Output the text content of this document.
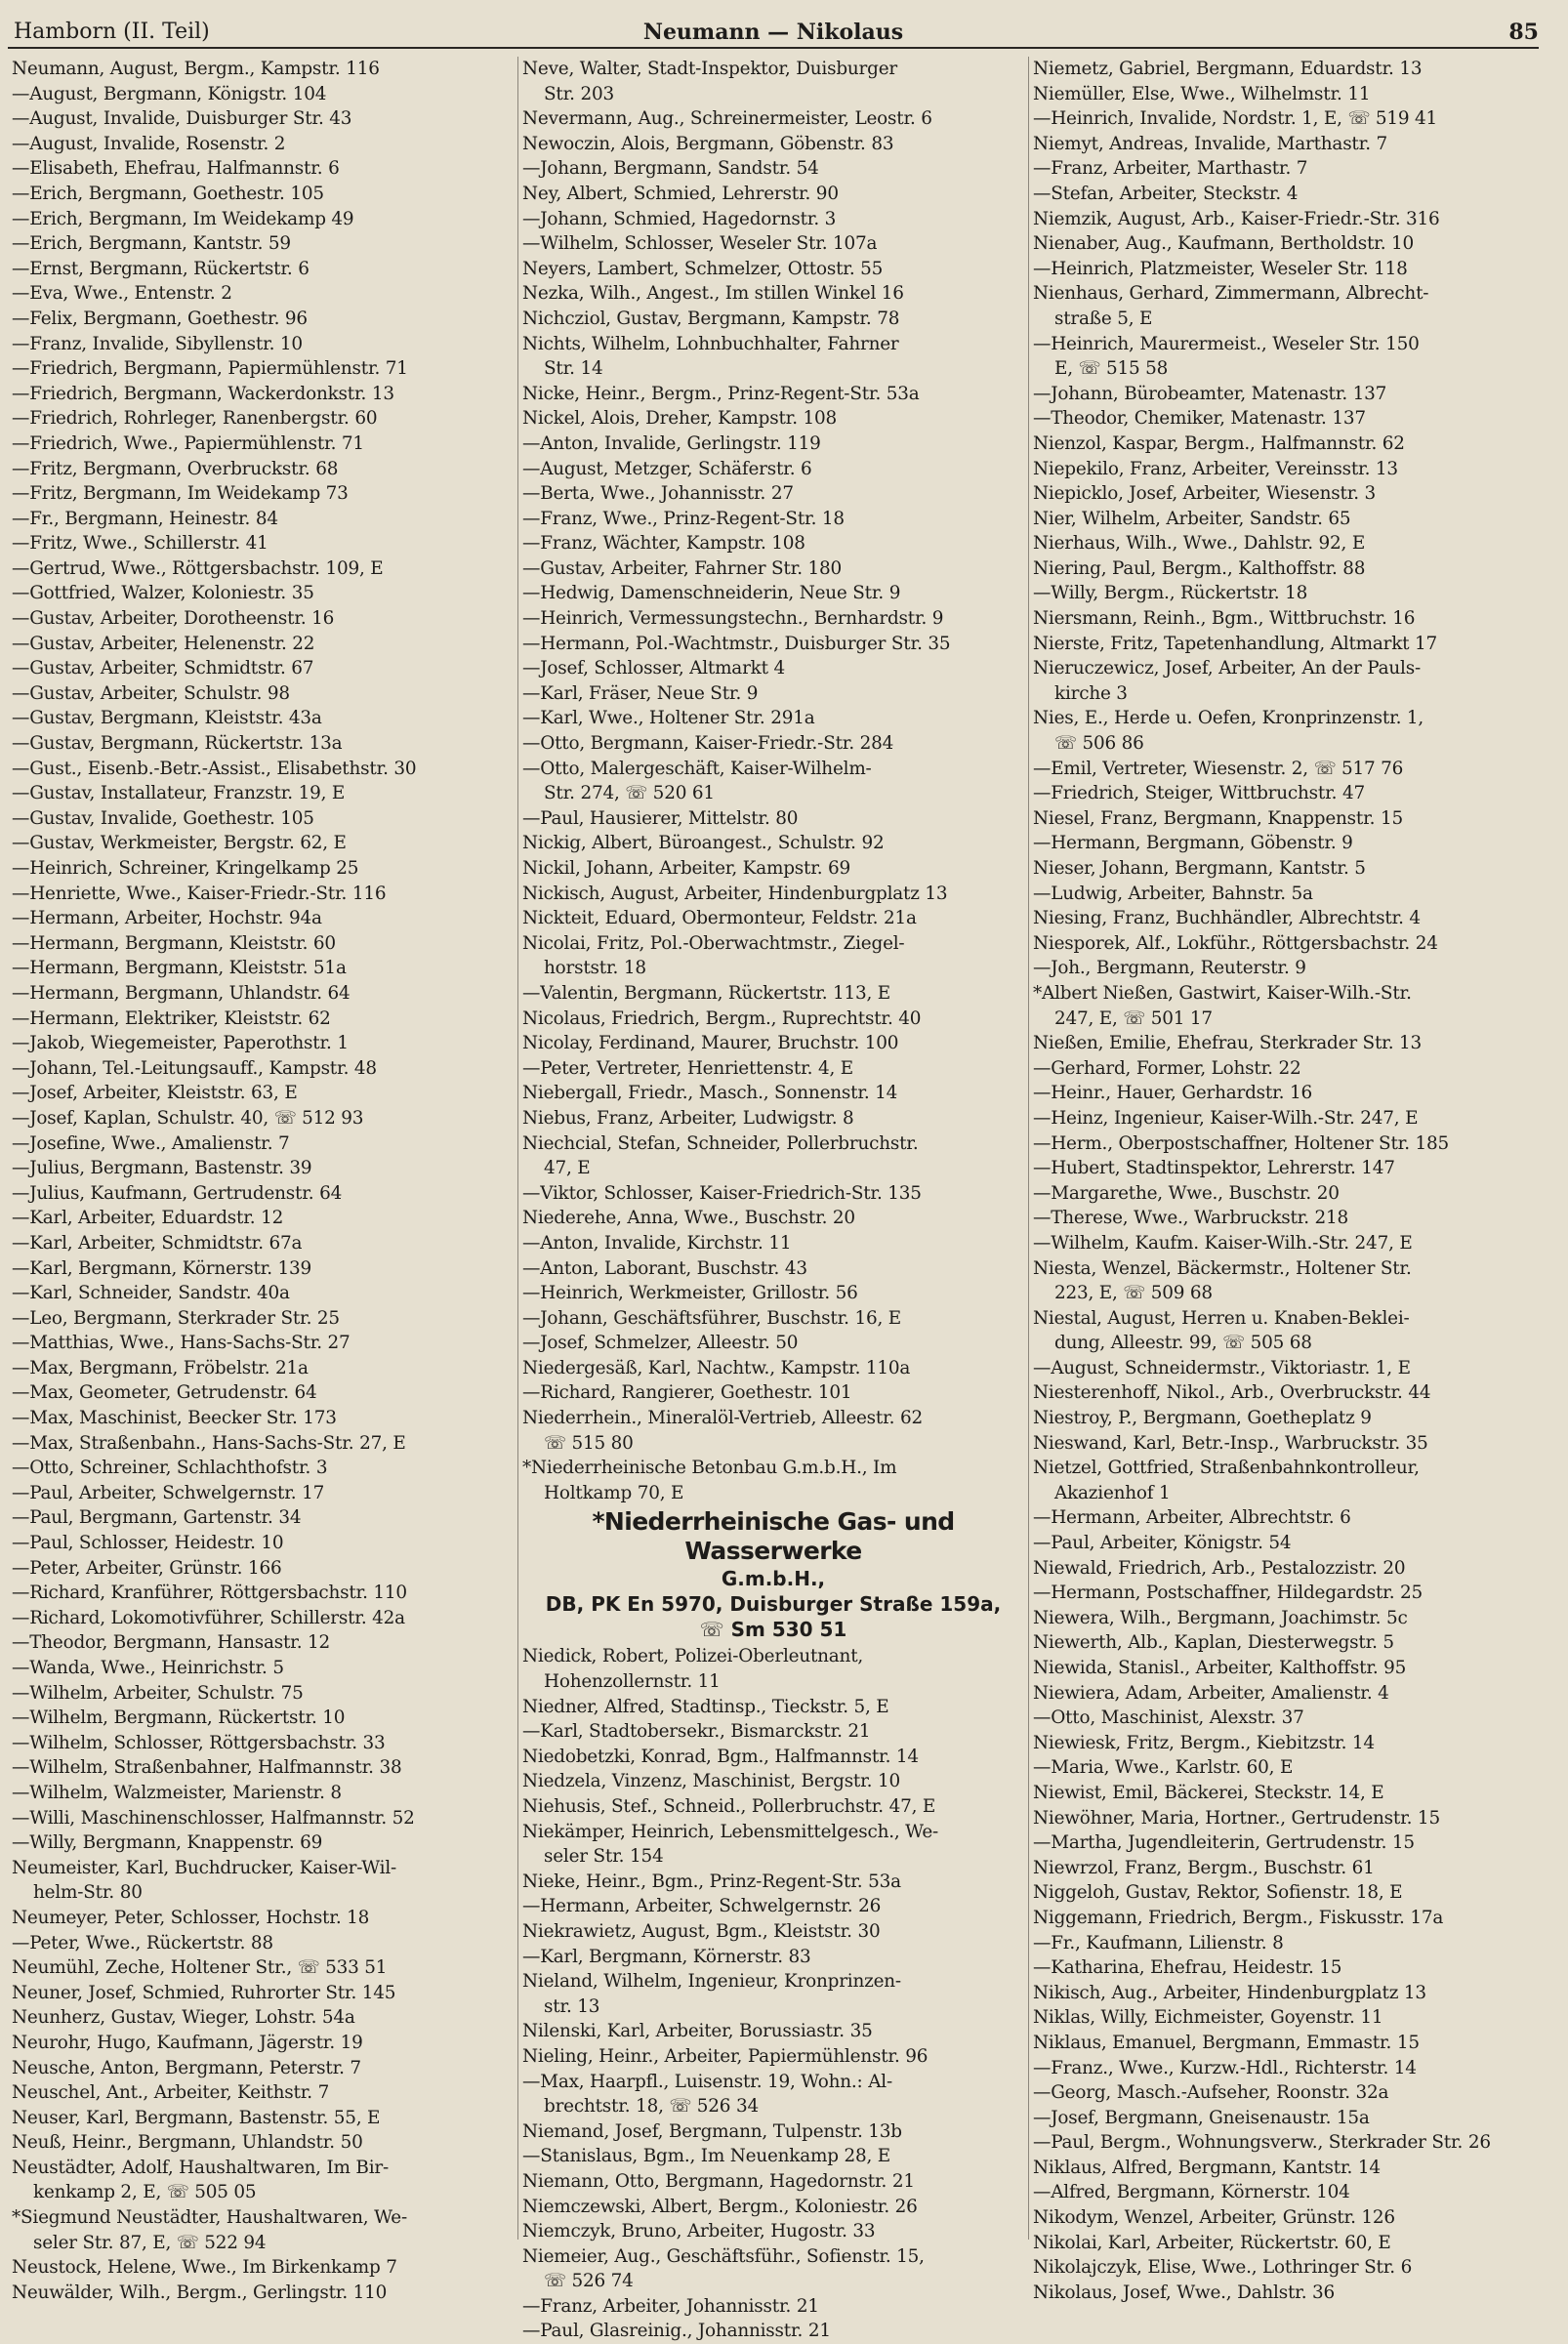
Hamborn (II. Teil)	Neumann — Nikolaus	85

Neumann, August, Bergm., Kampstr. 116

—August, Bergmann, Königstr. 104

—August, Invalide, Duisburger Str. 43

—August, Invalide, Rosenstr. 2

—Elisabeth, Ehefrau, Halfmannstr. 6

—Erich, Bergmann, Goethestr. 105

—Erich, Bergmann, Im Weidekamp 49

—Erich, Bergmann, Kantstr. 59

—Ernst, Bergmann, Rückertstr. 6

—Eva, Wwe., Entenstr. 2

—Felix, Bergmann, Goethestr. 96

—Franz, Invalide, Sibyllenstr. 10

—Friedrich, Bergmann, Papiermühlenstr. 71

—Friedrich, Bergmann, Wackerdonkstr. 13

—Friedrich, Rohrleger, Ranenbergstr. 60

—Friedrich, Wwe., Papiermühlenstr. 71

—Fritz, Bergmann, Overbruckstr. 68

—Fritz, Bergmann, Im Weidekamp 73

—Fr., Bergmann, Heinestr. 84

—Fritz, Wwe., Schillerstr. 41

—Gertrud, Wwe., Röttgersbachstr. 109, E

—Gottfried, Walzer, Koloniestr. 35

—Gustav, Arbeiter, Dorotheenstr. 16

—Gustav, Arbeiter, Helenenstr. 22

—Gustav, Arbeiter, Schmidtstr. 67

—Gustav, Arbeiter, Schulstr. 98

—Gustav, Bergmann, Kleiststr. 43a

—Gustav, Bergmann, Rückertstr. 13a

—Gust., Eisenb.-Betr.-Assist., Elisabethstr. 30

—Gustav, Installateur, Franzstr. 19, E

—Gustav, Invalide, Goethestr. 105

—Gustav, Werkmeister, Bergstr. 62, E

—Heinrich, Schreiner, Kringelkamp 25

—Henriette, Wwe., Kaiser-Friedr.-Str. 116

—Hermann, Arbeiter, Hochstr. 94a

—Hermann, Bergmann, Kleiststr. 60

—Hermann, Bergmann, Kleiststr. 51a

—Hermann, Bergmann, Uhlandstr. 64

—Hermann, Elektriker, Kleiststr. 62

—Jakob, Wiegemeister, Paperothstr. 1

—Johann, Tel.-Leitungsauff., Kampstr. 48

—Josef, Arbeiter, Kleiststr. 63, E

—Josef, Kaplan, Schulstr. 40, ☏ 512 93

—Josefine, Wwe., Amalienstr. 7

—Julius, Bergmann, Bastenstr. 39

—Julius, Kaufmann, Gertrudenstr. 64

—Karl, Arbeiter, Eduardstr. 12

—Karl, Arbeiter, Schmidtstr. 67a

—Karl, Bergmann, Körnerstr. 139

—Karl, Schneider, Sandstr. 40a

—Leo, Bergmann, Sterkrader Str. 25

—Matthias, Wwe., Hans-Sachs-Str. 27

—Max, Bergmann, Fröbelstr. 21a

—Max, Geometer, Getrudenstr. 64

—Max, Maschinist, Beecker Str. 173

—Max, Straßenbahn., Hans-Sachs-Str. 27, E

—Otto, Schreiner, Schlachthofstr. 3

—Paul, Arbeiter, Schwelgernstr. 17

—Paul, Bergmann, Gartenstr. 34

—Paul, Schlosser, Heidestr. 10

—Peter, Arbeiter, Grünstr. 166

—Richard, Kranführer, Röttgersbachstr. 110

—Richard, Lokomotivführer, Schillerstr. 42a

—Theodor, Bergmann, Hansastr. 12

—Wanda, Wwe., Heinrichstr. 5

—Wilhelm, Arbeiter, Schulstr. 75

—Wilhelm, Bergmann, Rückertstr. 10

—Wilhelm, Schlosser, Röttgersbachstr. 33

—Wilhelm, Straßenbahner, Halfmannstr. 38

—Wilhelm, Walzmeister, Marienstr. 8

—Willi, Maschinenschlosser, Halfmannstr. 52

—Willy, Bergmann, Knappenstr. 69

Neumeister, Karl, Buchdrucker, Kaiser-Wil-

helm-Str. 80

Neumeyer, Peter, Schlosser, Hochstr. 18

—Peter, Wwe., Rückertstr. 88

Neumühl, Zeche, Holtener Str., ☏ 533 51

Neuner, Josef, Schmied, Ruhrorter Str. 145

Neunherz, Gustav, Wieger, Lohstr. 54a

Neurohr, Hugo, Kaufmann, Jägerstr. 19

Neusche, Anton, Bergmann, Peterstr. 7

Neuschel, Ant., Arbeiter, Keithstr. 7

Neuser, Karl, Bergmann, Bastenstr. 55, E

Neuß, Heinr., Bergmann, Uhlandstr. 50

Neustädter, Adolf, Haushaltwaren, Im Bir-

kenkamp 2, E, ☏ 505 05

*Siegmund Neustädter, Haushaltwaren, We-

seler Str. 87, E, ☏ 522 94

Neustock, Helene, Wwe., Im Birkenkamp 7

Neuwälder, Wilh., Bergm., Gerlingstr. 110

Neve, Walter, Stadt-Inspektor, Duisburger

Str. 203

Nevermann, Aug., Schreinermeister, Leostr. 6

Newoczin, Alois, Bergmann, Göbenstr. 83

—Johann, Bergmann, Sandstr. 54

Ney, Albert, Schmied, Lehrerstr. 90

—Johann, Schmied, Hagedornstr. 3

—Wilhelm, Schlosser, Weseler Str. 107a

Neyers, Lambert, Schmelzer, Ottostr. 55

Nezka, Wilh., Angest., Im stillen Winkel 16

Nichcziol, Gustav, Bergmann, Kampstr. 78

Nichts, Wilhelm, Lohnbuchhalter, Fahrner

Str. 14

Nicke, Heinr., Bergm., Prinz-Regent-Str. 53a

Nickel, Alois, Dreher, Kampstr. 108

—Anton, Invalide, Gerlingstr. 119

—August, Metzger, Schäferstr. 6

—Berta, Wwe., Johannisstr. 27

—Franz, Wwe., Prinz-Regent-Str. 18

—Franz, Wächter, Kampstr. 108

—Gustav, Arbeiter, Fahrner Str. 180

—Hedwig, Damenschneiderin, Neue Str. 9

—Heinrich, Vermessungstechn., Bernhardstr. 9

—Hermann, Pol.-Wachtmstr., Duisburger Str. 35

—Josef, Schlosser, Altmarkt 4

—Karl, Fräser, Neue Str. 9

—Karl, Wwe., Holtener Str. 291a

—Otto, Bergmann, Kaiser-Friedr.-Str. 284

—Otto, Malergeschäft, Kaiser-Wilhelm-

Str. 274, ☏ 520 61

—Paul, Hausierer, Mittelstr. 80

Nickig, Albert, Büroangest., Schulstr. 92

Nickil, Johann, Arbeiter, Kampstr. 69

Nickisch, August, Arbeiter, Hindenburgplatz 13

Nickteit, Eduard, Obermonteur, Feldstr. 21a

Nicolai, Fritz, Pol.-Oberwachtmstr., Ziegel-

horststr. 18

—Valentin, Bergmann, Rückertstr. 113, E

Nicolaus, Friedrich, Bergm., Ruprechtstr. 40

Nicolay, Ferdinand, Maurer, Bruchstr. 100

—Peter, Vertreter, Henriettenstr. 4, E

Niebergall, Friedr., Masch., Sonnenstr. 14

Niebus, Franz, Arbeiter, Ludwigstr. 8

Niechcial, Stefan, Schneider, Pollerbruchstr.

47, E

—Viktor, Schlosser, Kaiser-Friedrich-Str. 135

Niederehe, Anna, Wwe., Buschstr. 20

—Anton, Invalide, Kirchstr. 11

—Anton, Laborant, Buschstr. 43

—Heinrich, Werkmeister, Grillostr. 56

—Johann, Geschäftsführer, Buschstr. 16, E

—Josef, Schmelzer, Alleestr. 50

Niedergesäß, Karl, Nachtw., Kampstr. 110a

—Richard, Rangierer, Goethestr. 101

Niederrhein., Mineralöl-Vertrieb, Alleestr. 62

☏ 515 80

*Niederrheinische Betonbau G.m.b.H., Im

Holtkamp 70, E

*Niederrheinische Gas- und Wasserwerke
G.m.b.H.,
DB, PK En 5970, Duisburger Straße 159a,
☏ Sm 530 51

Niedick, Robert, Polizei-Oberleutnant,

Hohenzollernstr. 11

Niedner, Alfred, Stadtinsp., Tieckstr. 5, E

—Karl, Stadtobersekr., Bismarckstr. 21

Niedobetzki, Konrad, Bgm., Halfmannstr. 14

Niedzela, Vinzenz, Maschinist, Bergstr. 10

Niehusis, Stef., Schneid., Pollerbruchstr. 47, E

Niekämper, Heinrich, Lebensmittelgesch., We-

seler Str. 154

Nieke, Heinr., Bgm., Prinz-Regent-Str. 53a

—Hermann, Arbeiter, Schwelgernstr. 26

Niekrawietz, August, Bgm., Kleiststr. 30

—Karl, Bergmann, Körnerstr. 83

Nieland, Wilhelm, Ingenieur, Kronprinzen-

str. 13

Nilenski, Karl, Arbeiter, Borussiastr. 35

Nieling, Heinr., Arbeiter, Papiermühlenstr. 96

—Max, Haarpfl., Luisenstr. 19, Wohn.: Al-

brechtstr. 18, ☏ 526 34

Niemand, Josef, Bergmann, Tulpenstr. 13b

—Stanislaus, Bgm., Im Neuenkamp 28, E

Niemann, Otto, Bergmann, Hagedornstr. 21

Niemczewski, Albert, Bergm., Koloniestr. 26

Niemczyk, Bruno, Arbeiter, Hugostr. 33

Niemeier, Aug., Geschäftsführ., Sofienstr. 15,

☏ 526 74

—Franz, Arbeiter, Johannisstr. 21

—Paul, Glasreinig., Johannisstr. 21

Niemetz, Gabriel, Bergmann, Eduardstr. 13

Niemüller, Else, Wwe., Wilhelmstr. 11

—Heinrich, Invalide, Nordstr. 1, E, ☏ 519 41

Niemyt, Andreas, Invalide, Marthastr. 7

—Franz, Arbeiter, Marthastr. 7

—Stefan, Arbeiter, Steckstr. 4

Niemzik, August, Arb., Kaiser-Friedr.-Str. 316

Nienaber, Aug., Kaufmann, Bertholdstr. 10

—Heinrich, Platzmeister, Weseler Str. 118

Nienhaus, Gerhard, Zimmermann, Albrecht-

straße 5, E

—Heinrich, Maurermeist., Weseler Str. 150

E, ☏ 515 58

—Johann, Bürobeamter, Matenastr. 137

—Theodor, Chemiker, Matenastr. 137

Nienzol, Kaspar, Bergm., Halfmannstr. 62

Niepekilo, Franz, Arbeiter, Vereinsstr. 13

Niepicklo, Josef, Arbeiter, Wiesenstr. 3

Nier, Wilhelm, Arbeiter, Sandstr. 65

Nierhaus, Wilh., Wwe., Dahlstr. 92, E

Niering, Paul, Bergm., Kalthoffstr. 88

—Willy, Bergm., Rückertstr. 18

Niersmann, Reinh., Bgm., Wittbruchstr. 16

Nierste, Fritz, Tapetenhandlung, Altmarkt 17

Nieruczewicz, Josef, Arbeiter, An der Pauls-

kirche 3

Nies, E., Herde u. Oefen, Kronprinzenstr. 1,

☏ 506 86

—Emil, Vertreter, Wiesenstr. 2, ☏ 517 76

—Friedrich, Steiger, Wittbruchstr. 47

Niesel, Franz, Bergmann, Knappenstr. 15

—Hermann, Bergmann, Göbenstr. 9

Nieser, Johann, Bergmann, Kantstr. 5

—Ludwig, Arbeiter, Bahnstr. 5a

Niesing, Franz, Buchhändler, Albrechtstr. 4

Niesporek, Alf., Lokführ., Röttgersbachstr. 24

—Joh., Bergmann, Reuterstr. 9

*Albert Nießen, Gastwirt, Kaiser-Wilh.-Str.

247, E, ☏ 501 17

Nießen, Emilie, Ehefrau, Sterkrader Str. 13

—Gerhard, Former, Lohstr. 22

—Heinr., Hauer, Gerhardstr. 16

—Heinz, Ingenieur, Kaiser-Wilh.-Str. 247, E

—Herm., Oberpostschaffner, Holtener Str. 185

—Hubert, Stadtinspektor, Lehrerstr. 147

—Margarethe, Wwe., Buschstr. 20

—Therese, Wwe., Warbruckstr. 218

—Wilhelm, Kaufm. Kaiser-Wilh.-Str. 247, E

Niesta, Wenzel, Bäckermstr., Holtener Str.

223, E, ☏ 509 68

Niestal, August, Herren u. Knaben-Beklei-

dung, Alleestr. 99, ☏ 505 68

—August, Schneidermstr., Viktoriastr. 1, E

Niesterenhoff, Nikol., Arb., Overbruckstr. 44

Niestroy, P., Bergmann, Goetheplatz 9

Nieswand, Karl, Betr.-Insp., Warbruckstr. 35

Nietzel, Gottfried, Straßenbahnkontrolleur,

Akazienhof 1

—Hermann, Arbeiter, Albrechtstr. 6

—Paul, Arbeiter, Königstr. 54

Niewald, Friedrich, Arb., Pestalozzistr. 20

—Hermann, Postschaffner, Hildegardstr. 25

Niewera, Wilh., Bergmann, Joachimstr. 5c

Niewerth, Alb., Kaplan, Diesterwegstr. 5

Niewida, Stanisl., Arbeiter, Kalthoffstr. 95

Niewiera, Adam, Arbeiter, Amalienstr. 4

—Otto, Maschinist, Alexstr. 37

Niewiesk, Fritz, Bergm., Kiebitzstr. 14

—Maria, Wwe., Karlstr. 60, E

Niewist, Emil, Bäckerei, Steckstr. 14, E

Niewöhner, Maria, Hortner., Gertrudenstr. 15

—Martha, Jugendleiterin, Gertrudenstr. 15

Niewrzol, Franz, Bergm., Buschstr. 61

Niggeloh, Gustav, Rektor, Sofienstr. 18, E

Niggemann, Friedrich, Bergm., Fiskusstr. 17a

—Fr., Kaufmann, Lilienstr. 8

—Katharina, Ehefrau, Heidestr. 15

Nikisch, Aug., Arbeiter, Hindenburgplatz 13

Niklas, Willy, Eichmeister, Goyenstr. 11

Niklaus, Emanuel, Bergmann, Emmastr. 15

—Franz., Wwe., Kurzw.-Hdl., Richterstr. 14

—Georg, Masch.-Aufseher, Roonstr. 32a

—Josef, Bergmann, Gneisenaustr. 15a

—Paul, Bergm., Wohnungsverw., Sterkrader Str. 26

Niklaus, Alfred, Bergmann, Kantstr. 14

—Alfred, Bergmann, Körnerstr. 104

Nikodym, Wenzel, Arbeiter, Grünstr. 126

Nikolai, Karl, Arbeiter, Rückertstr. 60, E

Nikolajczyk, Elise, Wwe., Lothringer Str. 6

Nikolaus, Josef, Wwe., Dahlstr. 36
